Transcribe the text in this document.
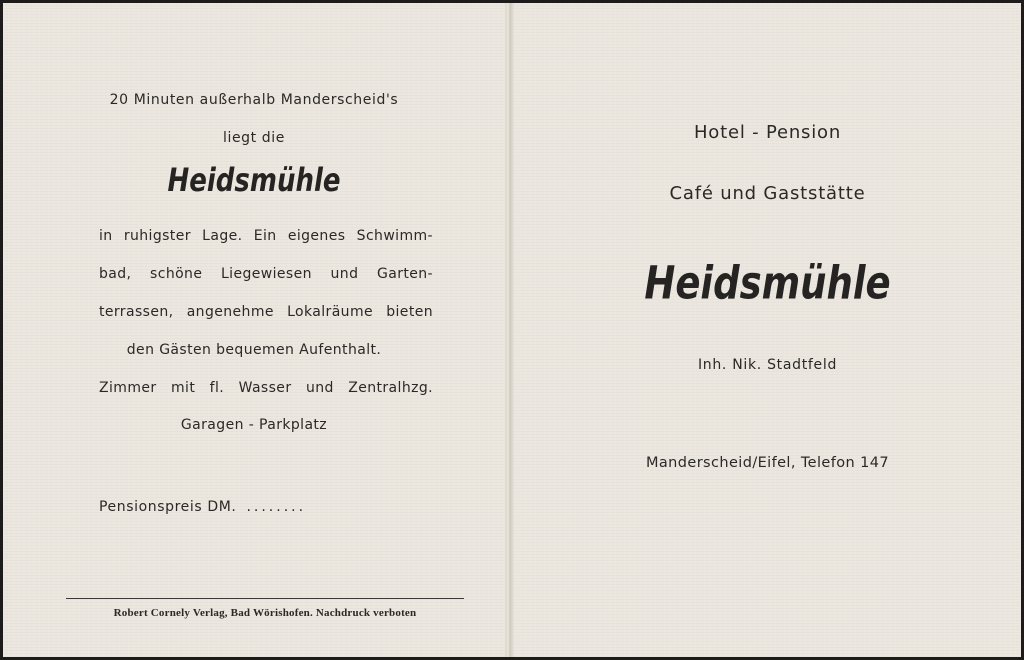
20 Minuten außerhalb Manderscheid's
liegt die
Heidsmühle
in ruhigster Lage. Ein eigenes Schwimm-
bad, schöne Liegewiesen und Garten-
terrassen, angenehme Lokalräume bieten
den Gästen bequemen Aufenthalt.
Zimmer mit fl. Wasser und Zentralhzg.
Garagen - Parkplatz
Pensionspreis DM. ........
Robert Cornely Verlag, Bad Wörishofen. Nachdruck verboten
Hotel - Pension
Café und Gaststätte
Heidsmühle
Inh. Nik. Stadtfeld
Manderscheid/Eifel, Telefon 147
